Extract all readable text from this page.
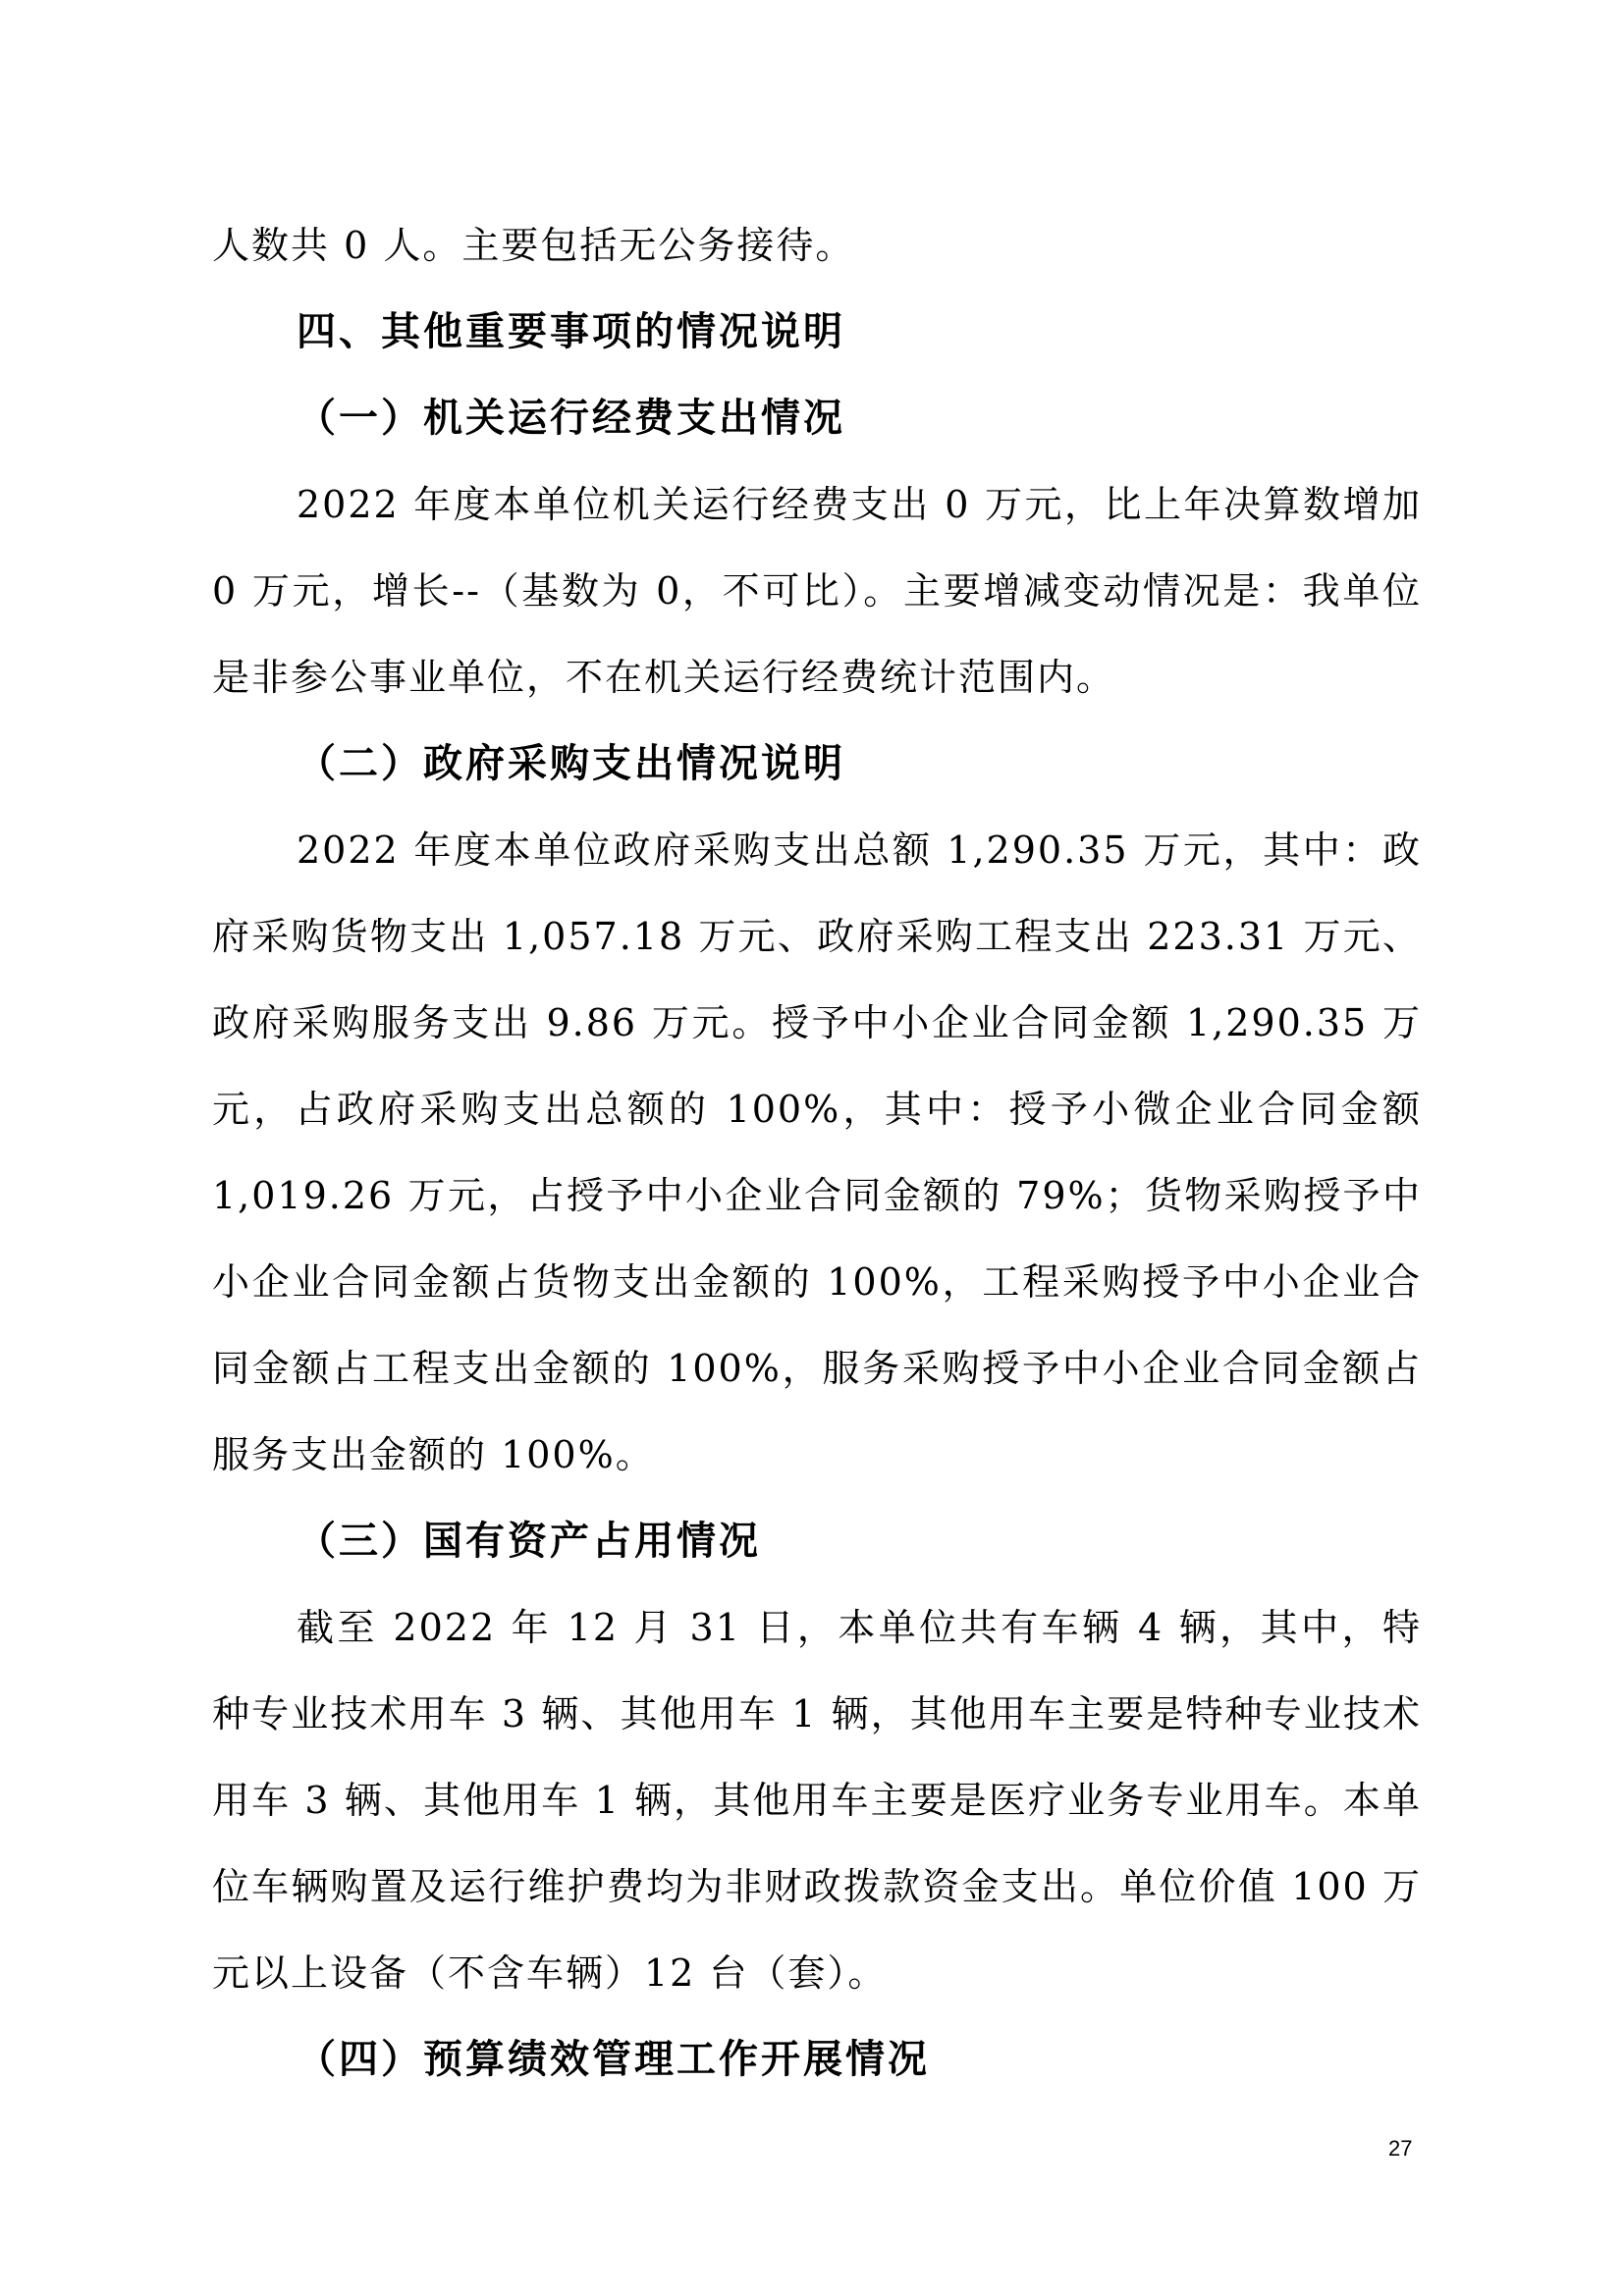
人数共 0 人。主要包括无公务接待。

四、其他重要事项的情况说明

（一）机关运行经费支出情况

2022 年度本单位机关运行经费支出 0 万元，比上年决算数增加 0 万元，增长--（基数为 0，不可比）。主要增减变动情况是：我单位是非参公事业单位，不在机关运行经费统计范围内。

（二）政府采购支出情况说明

2022 年度本单位政府采购支出总额 1,290.35 万元，其中：政府采购货物支出 1,057.18 万元、政府采购工程支出 223.31 万元、政府采购服务支出 9.86 万元。授予中小企业合同金额 1,290.35 万元，占政府采购支出总额的 100%，其中：授予小微企业合同金额 1,019.26 万元，占授予中小企业合同金额的 79%；货物采购授予中小企业合同金额占货物支出金额的 100%，工程采购授予中小企业合同金额占工程支出金额的 100%，服务采购授予中小企业合同金额占服务支出金额的 100%。

（三）国有资产占用情况

截至 2022 年 12 月 31 日，本单位共有车辆 4 辆，其中，特种专业技术用车 3 辆、其他用车 1 辆，其他用车主要是特种专业技术用车 3 辆、其他用车 1 辆，其他用车主要是医疗业务专业用车。本单位车辆购置及运行维护费均为非财政拨款资金支出。单位价值 100 万元以上设备（不含车辆）12 台（套）。

（四）预算绩效管理工作开展情况

27
